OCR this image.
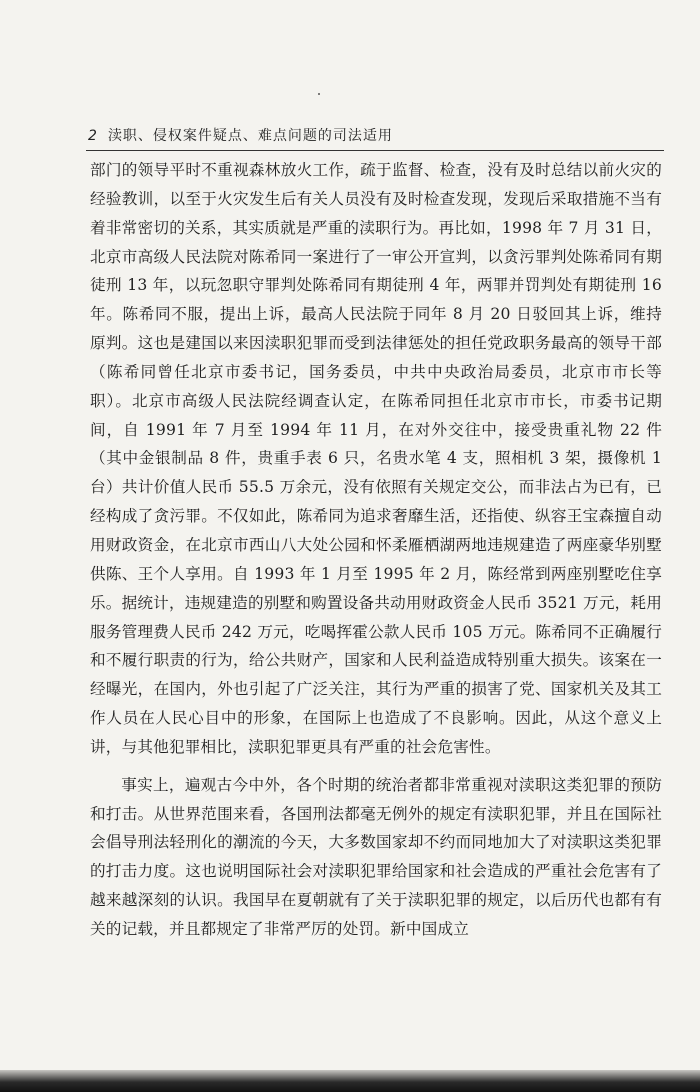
2 渎职、侵权案件疑点、难点问题的司法适用

部门的领导平时不重视森林放火工作，疏于监督、检查，没有及时总结以前火灾的经验教训，以至于火灾发生后有关人员没有及时检查发现，发现后采取措施不当有着非常密切的关系，其实质就是严重的渎职行为。再比如，1998 年 7 月 31 日，北京市高级人民法院对陈希同一案进行了一审公开宣判，以贪污罪判处陈希同有期徒刑 13 年，以玩忽职守罪判处陈希同有期徒刑 4 年，两罪并罚判处有期徒刑 16 年。陈希同不服，提出上诉，最高人民法院于同年 8 月 20 日驳回其上诉，维持原判。这也是建国以来因渎职犯罪而受到法律惩处的担任党政职务最高的领导干部（陈希同曾任北京市委书记，国务委员，中共中央政治局委员，北京市市长等职）。北京市高级人民法院经调查认定，在陈希同担任北京市市长，市委书记期间，自 1991 年 7 月至 1994 年 11 月，在对外交往中，接受贵重礼物 22 件（其中金银制品 8 件，贵重手表 6 只，名贵水笔 4 支，照相机 3 架，摄像机 1 台）共计价值人民币 55.5 万余元，没有依照有关规定交公，而非法占为已有，已经构成了贪污罪。不仅如此，陈希同为追求奢靡生活，还指使、纵容王宝森擅自动用财政资金，在北京市西山八大处公园和怀柔雁栖湖两地违规建造了两座豪华别墅供陈、王个人享用。自 1993 年 1 月至 1995 年 2 月，陈经常到两座别墅吃住享乐。据统计，违规建造的别墅和购置设备共动用财政资金人民币 3521 万元，耗用服务管理费人民币 242 万元，吃喝挥霍公款人民币 105 万元。陈希同不正确履行和不履行职责的行为，给公共财产，国家和人民利益造成特别重大损失。该案在一经曝光，在国内，外也引起了广泛关注，其行为严重的损害了党、国家机关及其工作人员在人民心目中的形象，在国际上也造成了不良影响。因此，从这个意义上讲，与其他犯罪相比，渎职犯罪更具有严重的社会危害性。

事实上，遍观古今中外，各个时期的统治者都非常重视对渎职这类犯罪的预防和打击。从世界范围来看，各国刑法都毫无例外的规定有渎职犯罪，并且在国际社会倡导刑法轻刑化的潮流的今天，大多数国家却不约而同地加大了对渎职这类犯罪的打击力度。这也说明国际社会对渎职犯罪给国家和社会造成的严重社会危害有了越来越深刻的认识。我国早在夏朝就有了关于渎职犯罪的规定，以后历代也都有有关的记载，并且都规定了非常严厉的处罚。新中国成立
